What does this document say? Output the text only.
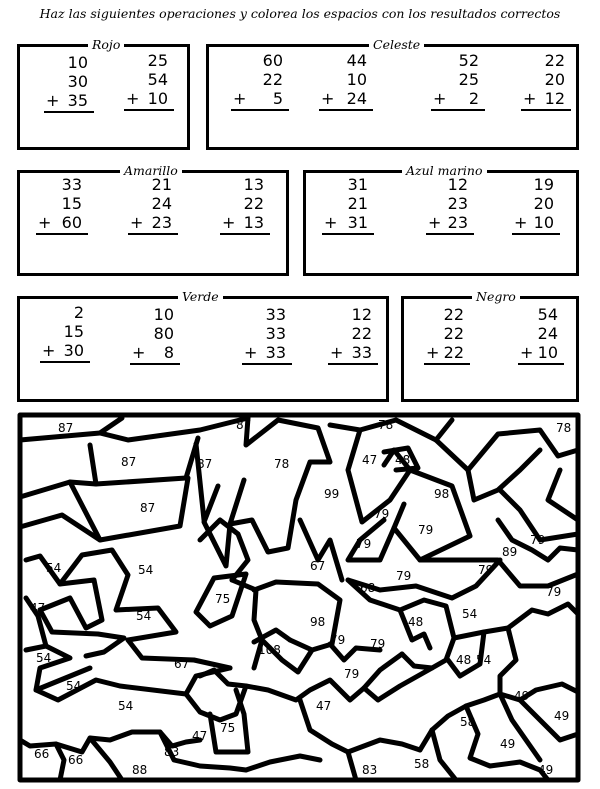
Haz las siguientes operaciones y colorea los espacios con los resultados correctos
Rojo
10
30
+ 35
25
54
+ 10
Celeste
60
22
+ 5
44
10
+ 24
52
25
+ 2
22
20
+ 12
Amarillo
33
15
+ 60
21
24
+ 23
13
22
+ 13
Azul marino
31
21
+ 31
12
23
+ 23
19
20
+ 10
Verde
2
15
+ 30
10
80
+ 8
33
33
+ 33
12
22
+ 33
Negro
22
22
+ 22
54
24
+ 10
87	87	78	78
87	87	78	47 48
99	98
87	79
79
79	79
89
79
54	54	67
68
79
79
75
47
54	98	48
54
79
54
108	79
67	48 54
54
47
79
49
54
49
75
47
58
83
58
66 66
88	83
49
49
